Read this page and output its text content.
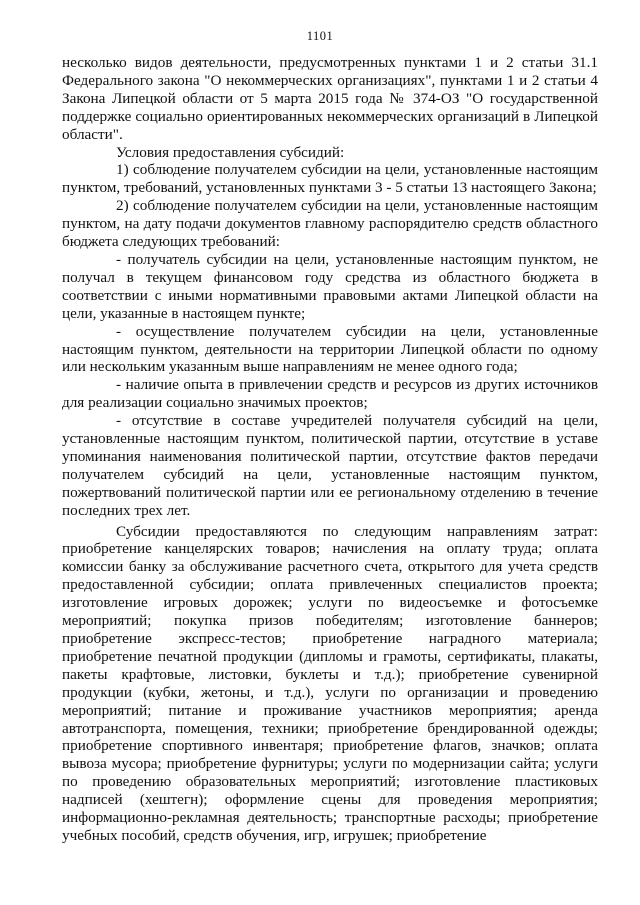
1101

несколько видов деятельности, предусмотренных пунктами 1 и 2 статьи 31.1 Федерального закона "О некоммерческих организациях", пунктами 1 и 2 статьи 4 Закона Липецкой области от 5 марта 2015 года № 374-ОЗ "О государственной поддержке социально ориентированных некоммерческих организаций в Липецкой области".

Условия предоставления субсидий:

1) соблюдение получателем субсидии на цели, установленные настоящим пунктом, требований, установленных пунктами 3 - 5 статьи 13 настоящего Закона;

2) соблюдение получателем субсидии на цели, установленные настоящим пунктом, на дату подачи документов главному распорядителю средств областного бюджета следующих требований:

- получатель субсидии на цели, установленные настоящим пунктом, не получал в текущем финансовом году средства из областного бюджета в соответствии с иными нормативными правовыми актами Липецкой области на цели, указанные в настоящем пункте;

- осуществление получателем субсидии на цели, установленные настоящим пунктом, деятельности на территории Липецкой области по одному или нескольким указанным выше направлениям не менее одного года;

- наличие опыта в привлечении средств и ресурсов из других источников для реализации социально значимых проектов;

- отсутствие в составе учредителей получателя субсидий на цели, установленные настоящим пунктом, политической партии, отсутствие в уставе упоминания наименования политической партии, отсутствие фактов передачи получателем субсидий на цели, установленные настоящим пунктом, пожертвований политической партии или ее региональному отделению в течение последних трех лет.

Субсидии предоставляются по следующим направлениям затрат: приобретение канцелярских товаров; начисления на оплату труда; оплата комиссии банку за обслуживание расчетного счета, открытого для учета средств предоставленной субсидии; оплата привлеченных специалистов проекта; изготовление игровых дорожек; услуги по видеосъемке и фотосъемке мероприятий; покупка призов победителям; изготовление баннеров; приобретение экспресс-тестов; приобретение наградного материала; приобретение печатной продукции (дипломы и грамоты, сертификаты, плакаты, пакеты крафтовые, листовки, буклеты и т.д.); приобретение сувенирной продукции (кубки, жетоны, и т.д.), услуги по организации и проведению мероприятий; питание и проживание участников мероприятия; аренда автотранспорта, помещения, техники; приобретение брендированной одежды; приобретение спортивного инвентаря; приобретение флагов, значков; оплата вывоза мусора; приобретение фурнитуры; услуги по модернизации сайта; услуги по проведению образовательных мероприятий; изготовление пластиковых надписей (хештегн); оформление сцены для проведения мероприятия; информационно-рекламная деятельность; транспортные расходы; приобретение учебных пособий, средств обучения, игр, игрушек; приобретение
